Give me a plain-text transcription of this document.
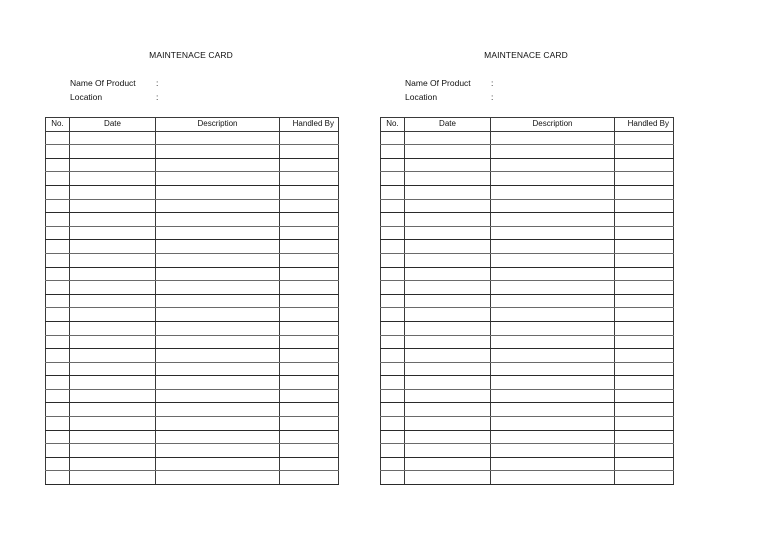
MAINTENACE CARD
Name Of Product :
Location	:
No.	Date	Description	Handled By

MAINTENACE CARD
Name Of Product :
Location	:
No.	Date	Description	Handled By
